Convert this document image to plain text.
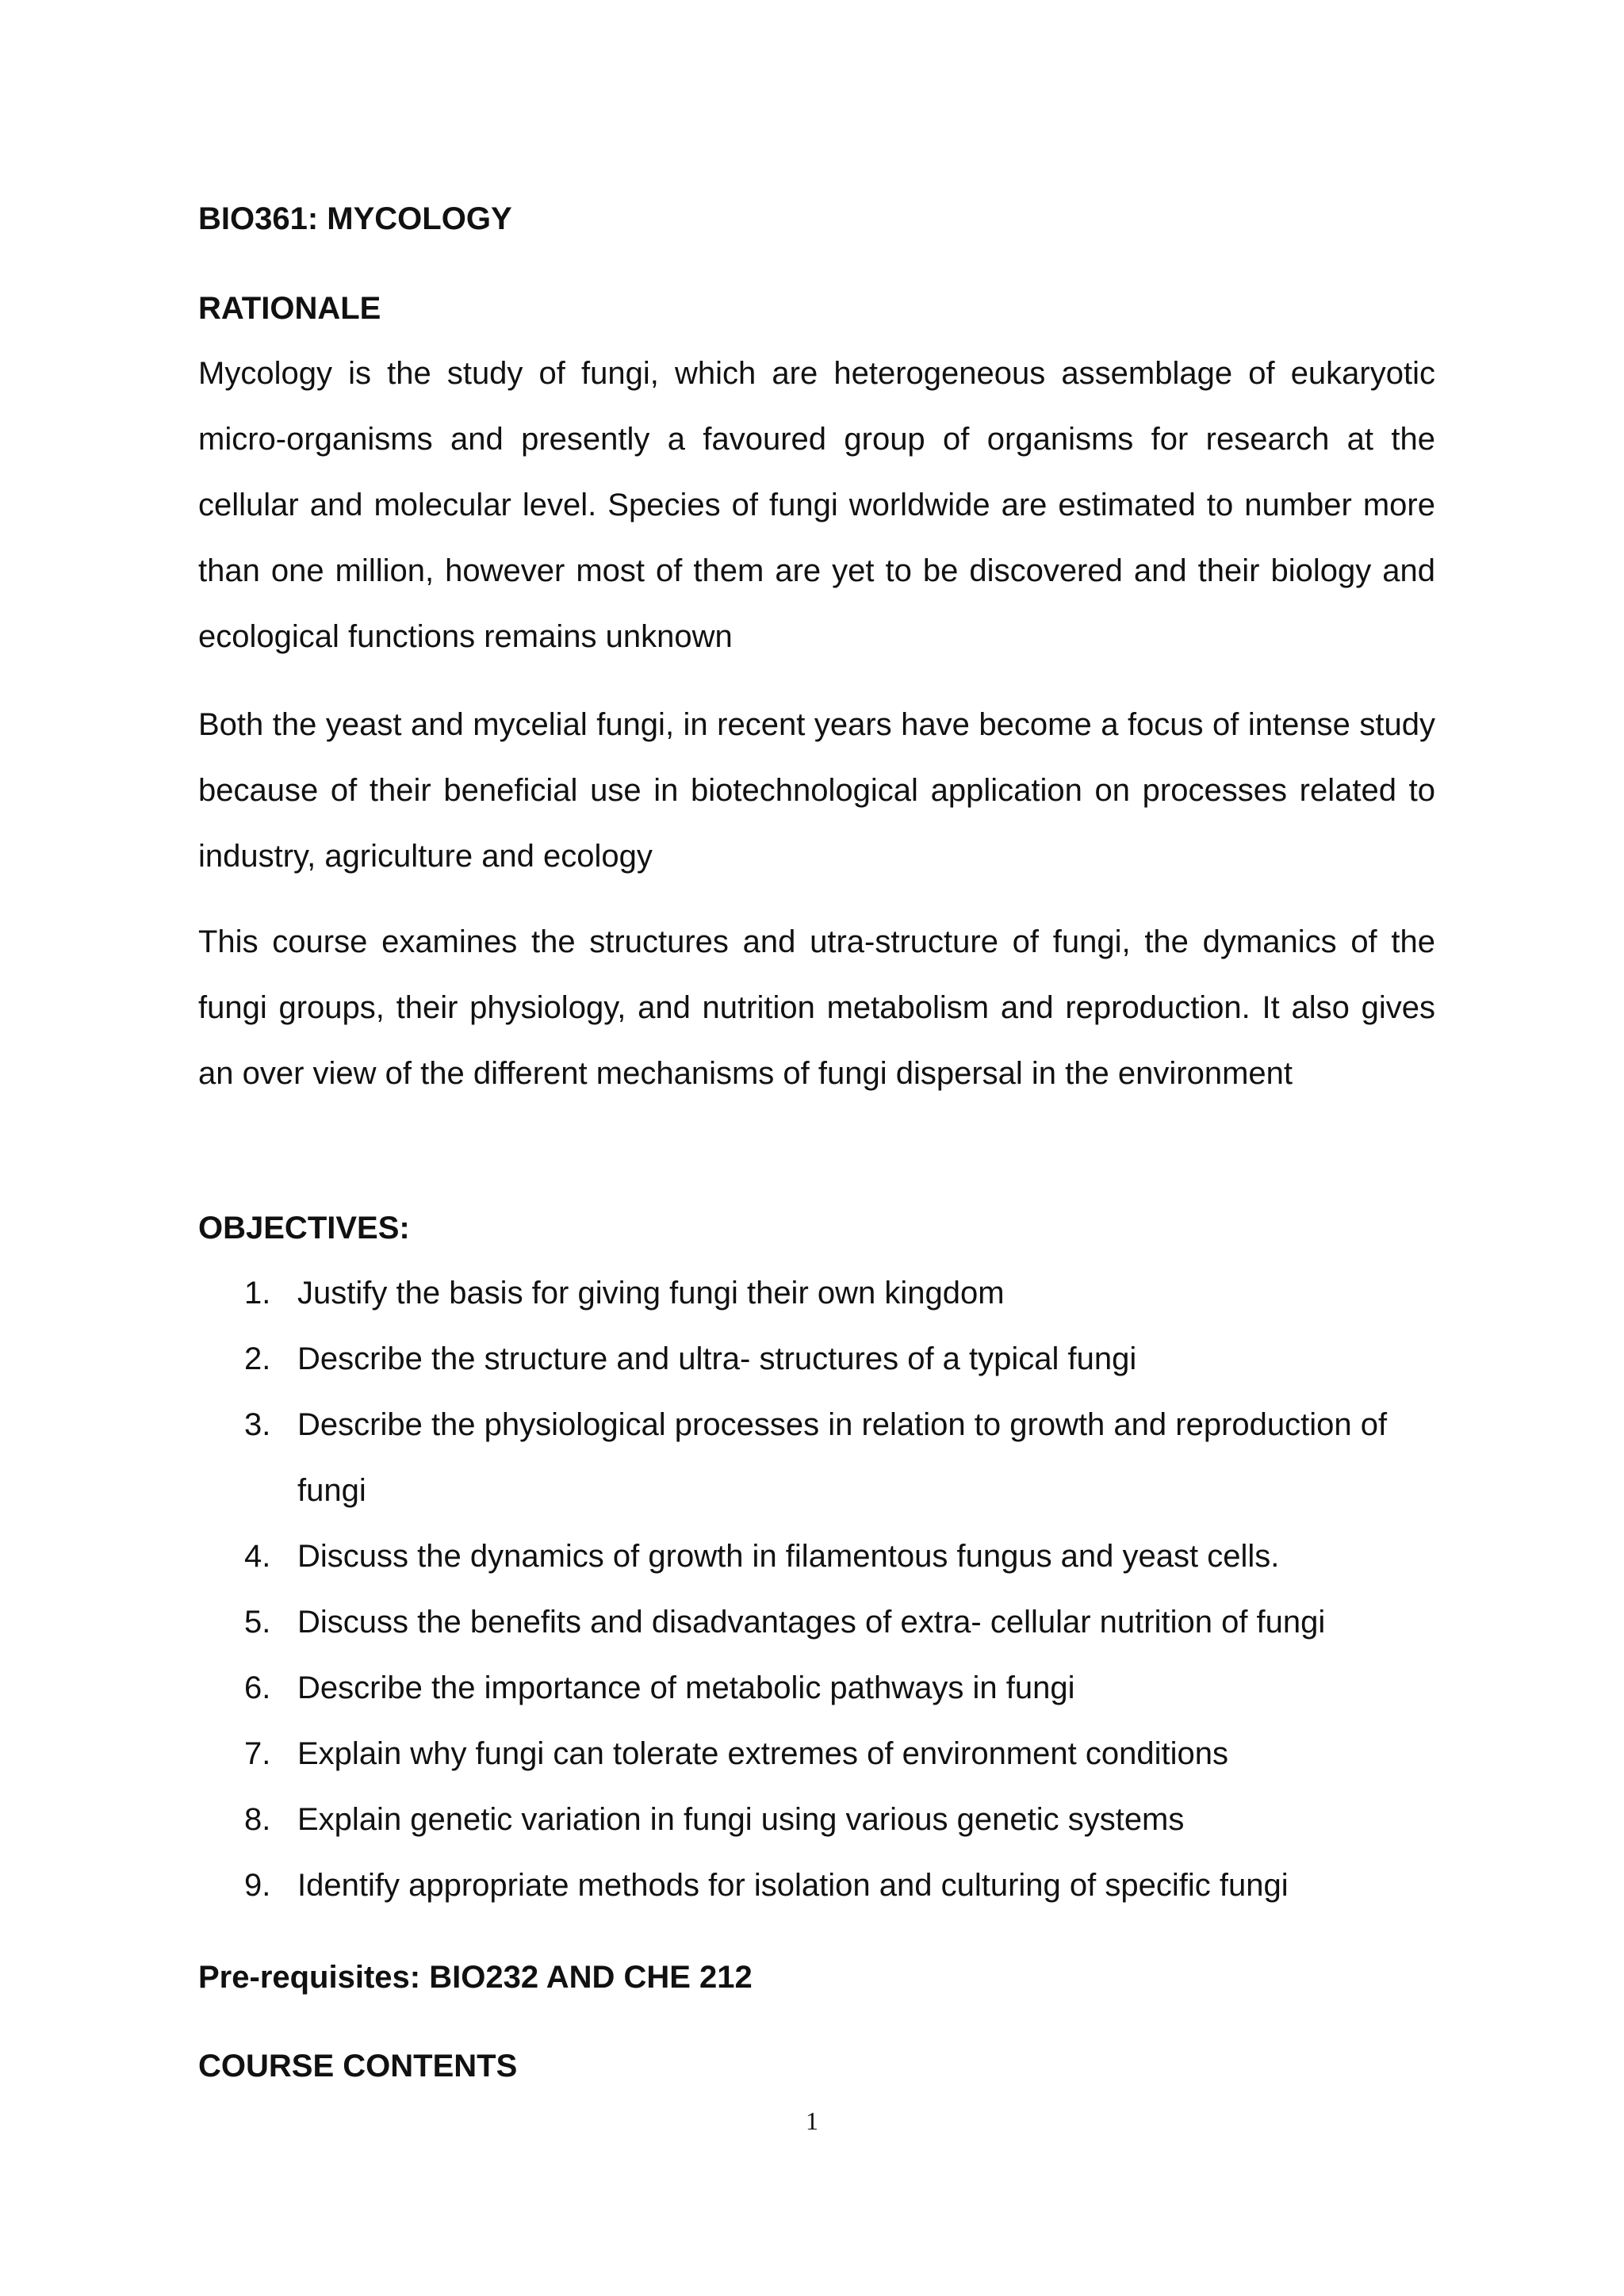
BIO361: MYCOLOGY
RATIONALE

Mycology is the study of fungi, which are heterogeneous assemblage of eukaryotic micro-organisms and presently a favoured group of organisms for research at the cellular and molecular level. Species of fungi worldwide are estimated to number more than one million, however most of them are yet to be discovered and their biology and ecological functions remains unknown

Both the yeast and mycelial fungi, in recent years have become a focus of intense study because of their beneficial use in biotechnological application on processes related to industry, agriculture and ecology

This course examines the structures and utra-structure of fungi, the dymanics of the fungi groups, their physiology, and nutrition metabolism and reproduction. It also gives an over view of the different mechanisms of fungi dispersal in the environment

OBJECTIVES:
1. Justify the basis for giving fungi their own kingdom
2. Describe the structure and ultra- structures of a typical fungi
3. Describe the physiological processes in relation to growth and reproduction of fungi
4. Discuss the dynamics of growth in filamentous fungus and yeast cells.
5. Discuss the benefits and disadvantages of extra- cellular nutrition of fungi
6. Describe the importance of metabolic pathways in fungi
7. Explain why fungi can tolerate extremes of environment conditions
8. Explain genetic variation in fungi using various genetic systems
9. Identify appropriate methods for isolation and culturing of specific fungi
Pre-requisites: BIO232 AND CHE 212
COURSE CONTENTS
1
